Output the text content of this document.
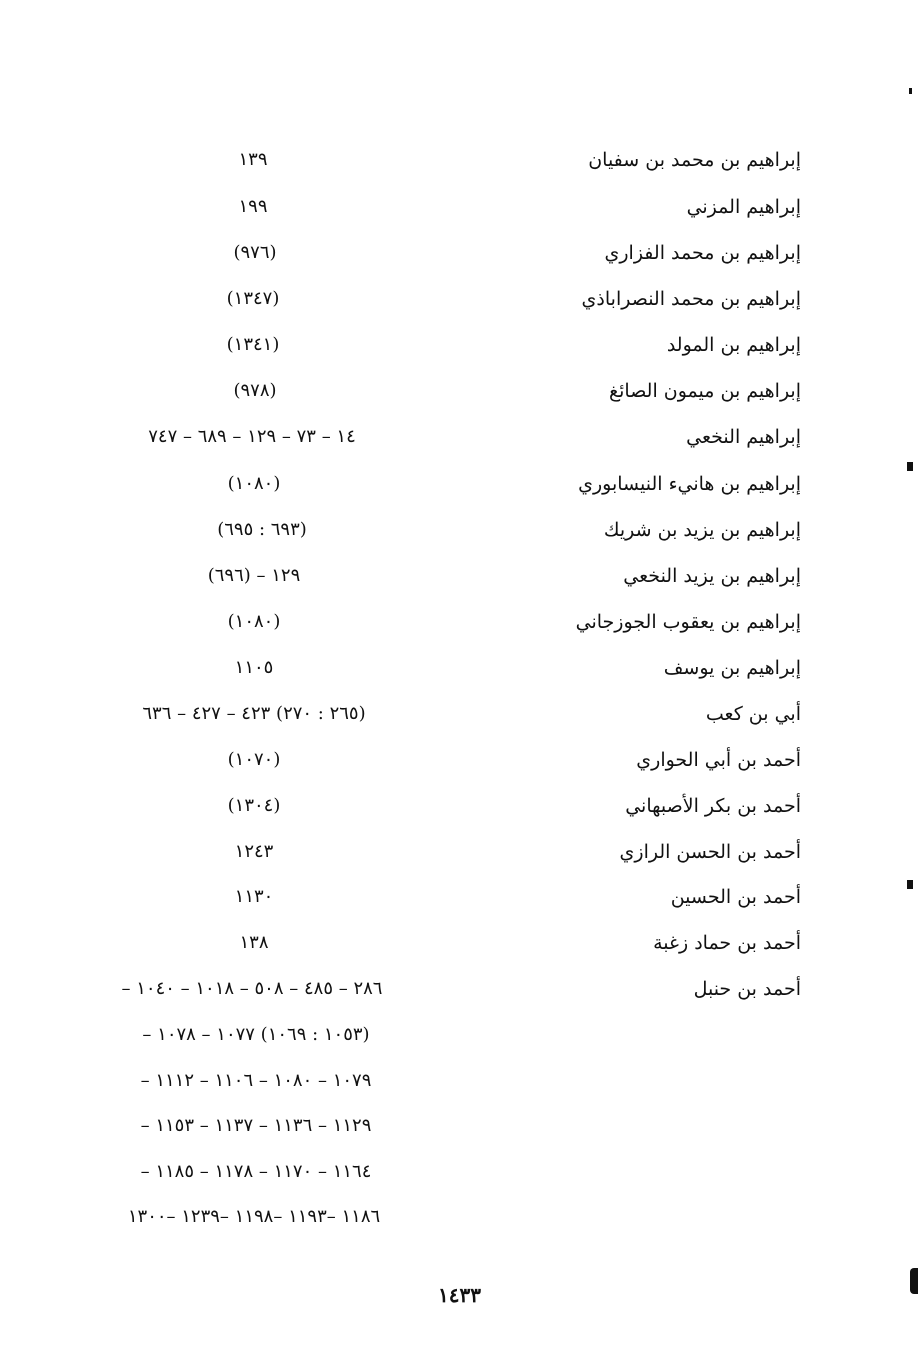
إبراهيم بن محمد بن سفيان
١٣٩
إبراهيم المزني
١٩٩
إبراهيم بن محمد الفزاري
(٩٧٦)
إبراهيم بن محمد النصراباذي
(١٣٤٧)
إبراهيم بن المولد
(١٣٤١)
إبراهيم بن ميمون الصائغ
(٩٧٨)
إبراهيم النخعي
١٤ – ٧٣ – ١٢٩ – ٦٨٩ – ٧٤٧
إبراهيم بن هانيء النيسابوري
(١٠٨٠)
إبراهيم بن يزيد بن شريك
(٦٩٣ : ٦٩٥)
إبراهيم بن يزيد النخعي
١٢٩ – (٦٩٦)
إبراهيم بن يعقوب الجوزجاني
(١٠٨٠)
إبراهيم بن يوسف
١١٠٥
أبي بن كعب
(٢٦٥ : ٢٧٠) ٤٢٣ – ٤٢٧ – ٦٣٦
أحمد بن أبي الحواري
(١٠٧٠)
أحمد بن بكر الأصبهاني
(١٣٠٤)
أحمد بن الحسن الرازي
١٢٤٣
أحمد بن الحسين
١١٣٠
أحمد بن حماد زغبة
١٣٨
أحمد بن حنبل
٢٨٦ – ٤٨٥ – ٥٠٨ – ١٠١٨ – ١٠٤٠ –
(١٠٥٣ : ١٠٦٩) ١٠٧٧ – ١٠٧٨ –
١٠٧٩ – ١٠٨٠ – ١١٠٦ – ١١١٢ –
١١٢٩ – ١١٣٦ – ١١٣٧ – ١١٥٣ –
١١٦٤ – ١١٧٠ – ١١٧٨ – ١١٨٥ –
١١٨٦ –١١٩٣ –١١٩٨ –١٢٣٩ –١٣٠٠
١٤٣٣
